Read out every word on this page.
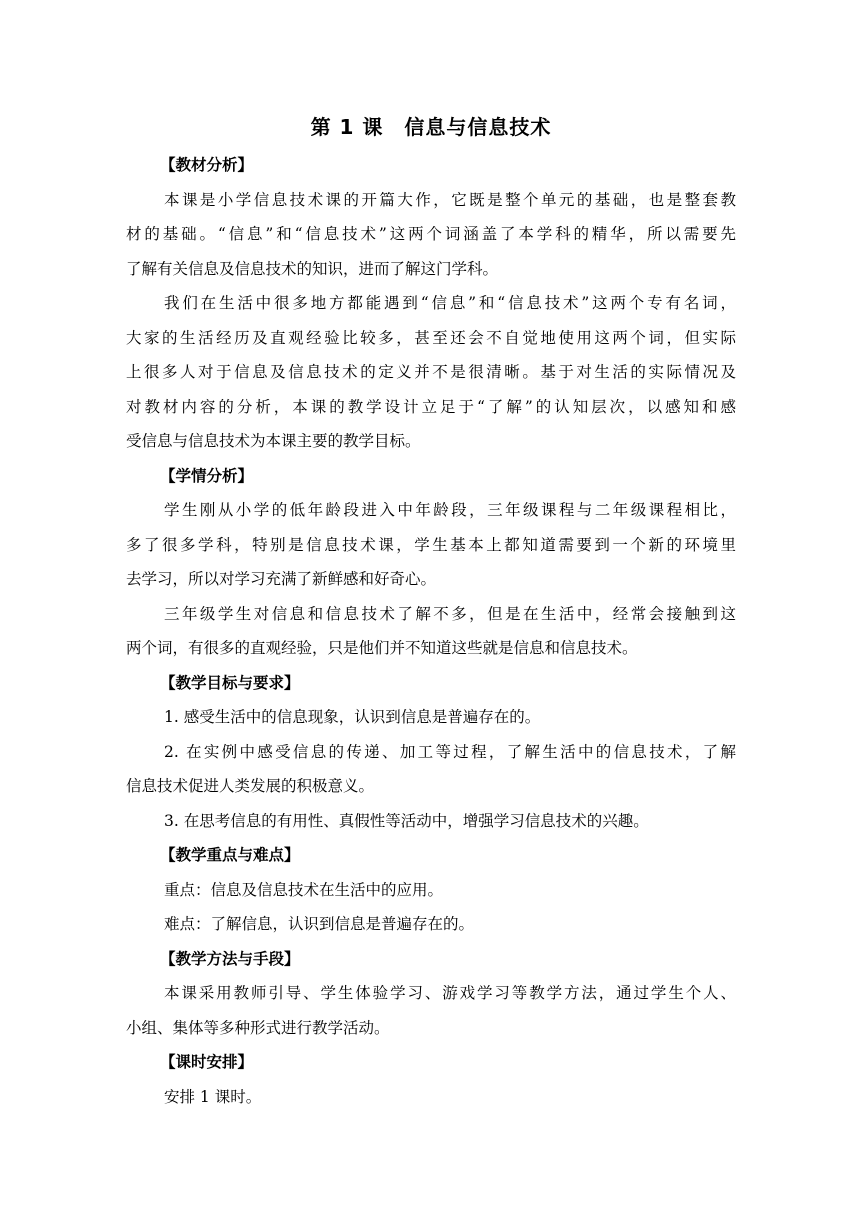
第 1 课　信息与信息技术
【教材分析】
本课是小学信息技术课的开篇大作，它既是整个单元的基础，也是整套教
材的基础。“信息”和“信息技术”这两个词涵盖了本学科的精华，所以需要先
了解有关信息及信息技术的知识，进而了解这门学科。
我们在生活中很多地方都能遇到“信息”和“信息技术”这两个专有名词，
大家的生活经历及直观经验比较多，甚至还会不自觉地使用这两个词，但实际
上很多人对于信息及信息技术的定义并不是很清晰。基于对生活的实际情况及
对教材内容的分析，本课的教学设计立足于“了解”的认知层次，以感知和感
受信息与信息技术为本课主要的教学目标。
【学情分析】
学生刚从小学的低年龄段进入中年龄段，三年级课程与二年级课程相比，
多了很多学科，特别是信息技术课，学生基本上都知道需要到一个新的环境里
去学习，所以对学习充满了新鲜感和好奇心。
三年级学生对信息和信息技术了解不多，但是在生活中，经常会接触到这
两个词，有很多的直观经验，只是他们并不知道这些就是信息和信息技术。
【教学目标与要求】
1. 感受生活中的信息现象，认识到信息是普遍存在的。
2. 在实例中感受信息的传递、加工等过程，了解生活中的信息技术，了解
信息技术促进人类发展的积极意义。
3. 在思考信息的有用性、真假性等活动中，增强学习信息技术的兴趣。
【教学重点与难点】
重点：信息及信息技术在生活中的应用。
难点：了解信息，认识到信息是普遍存在的。
【教学方法与手段】
本课采用教师引导、学生体验学习、游戏学习等教学方法，通过学生个人、
小组、集体等多种形式进行教学活动。
【课时安排】
安排 1 课时。
